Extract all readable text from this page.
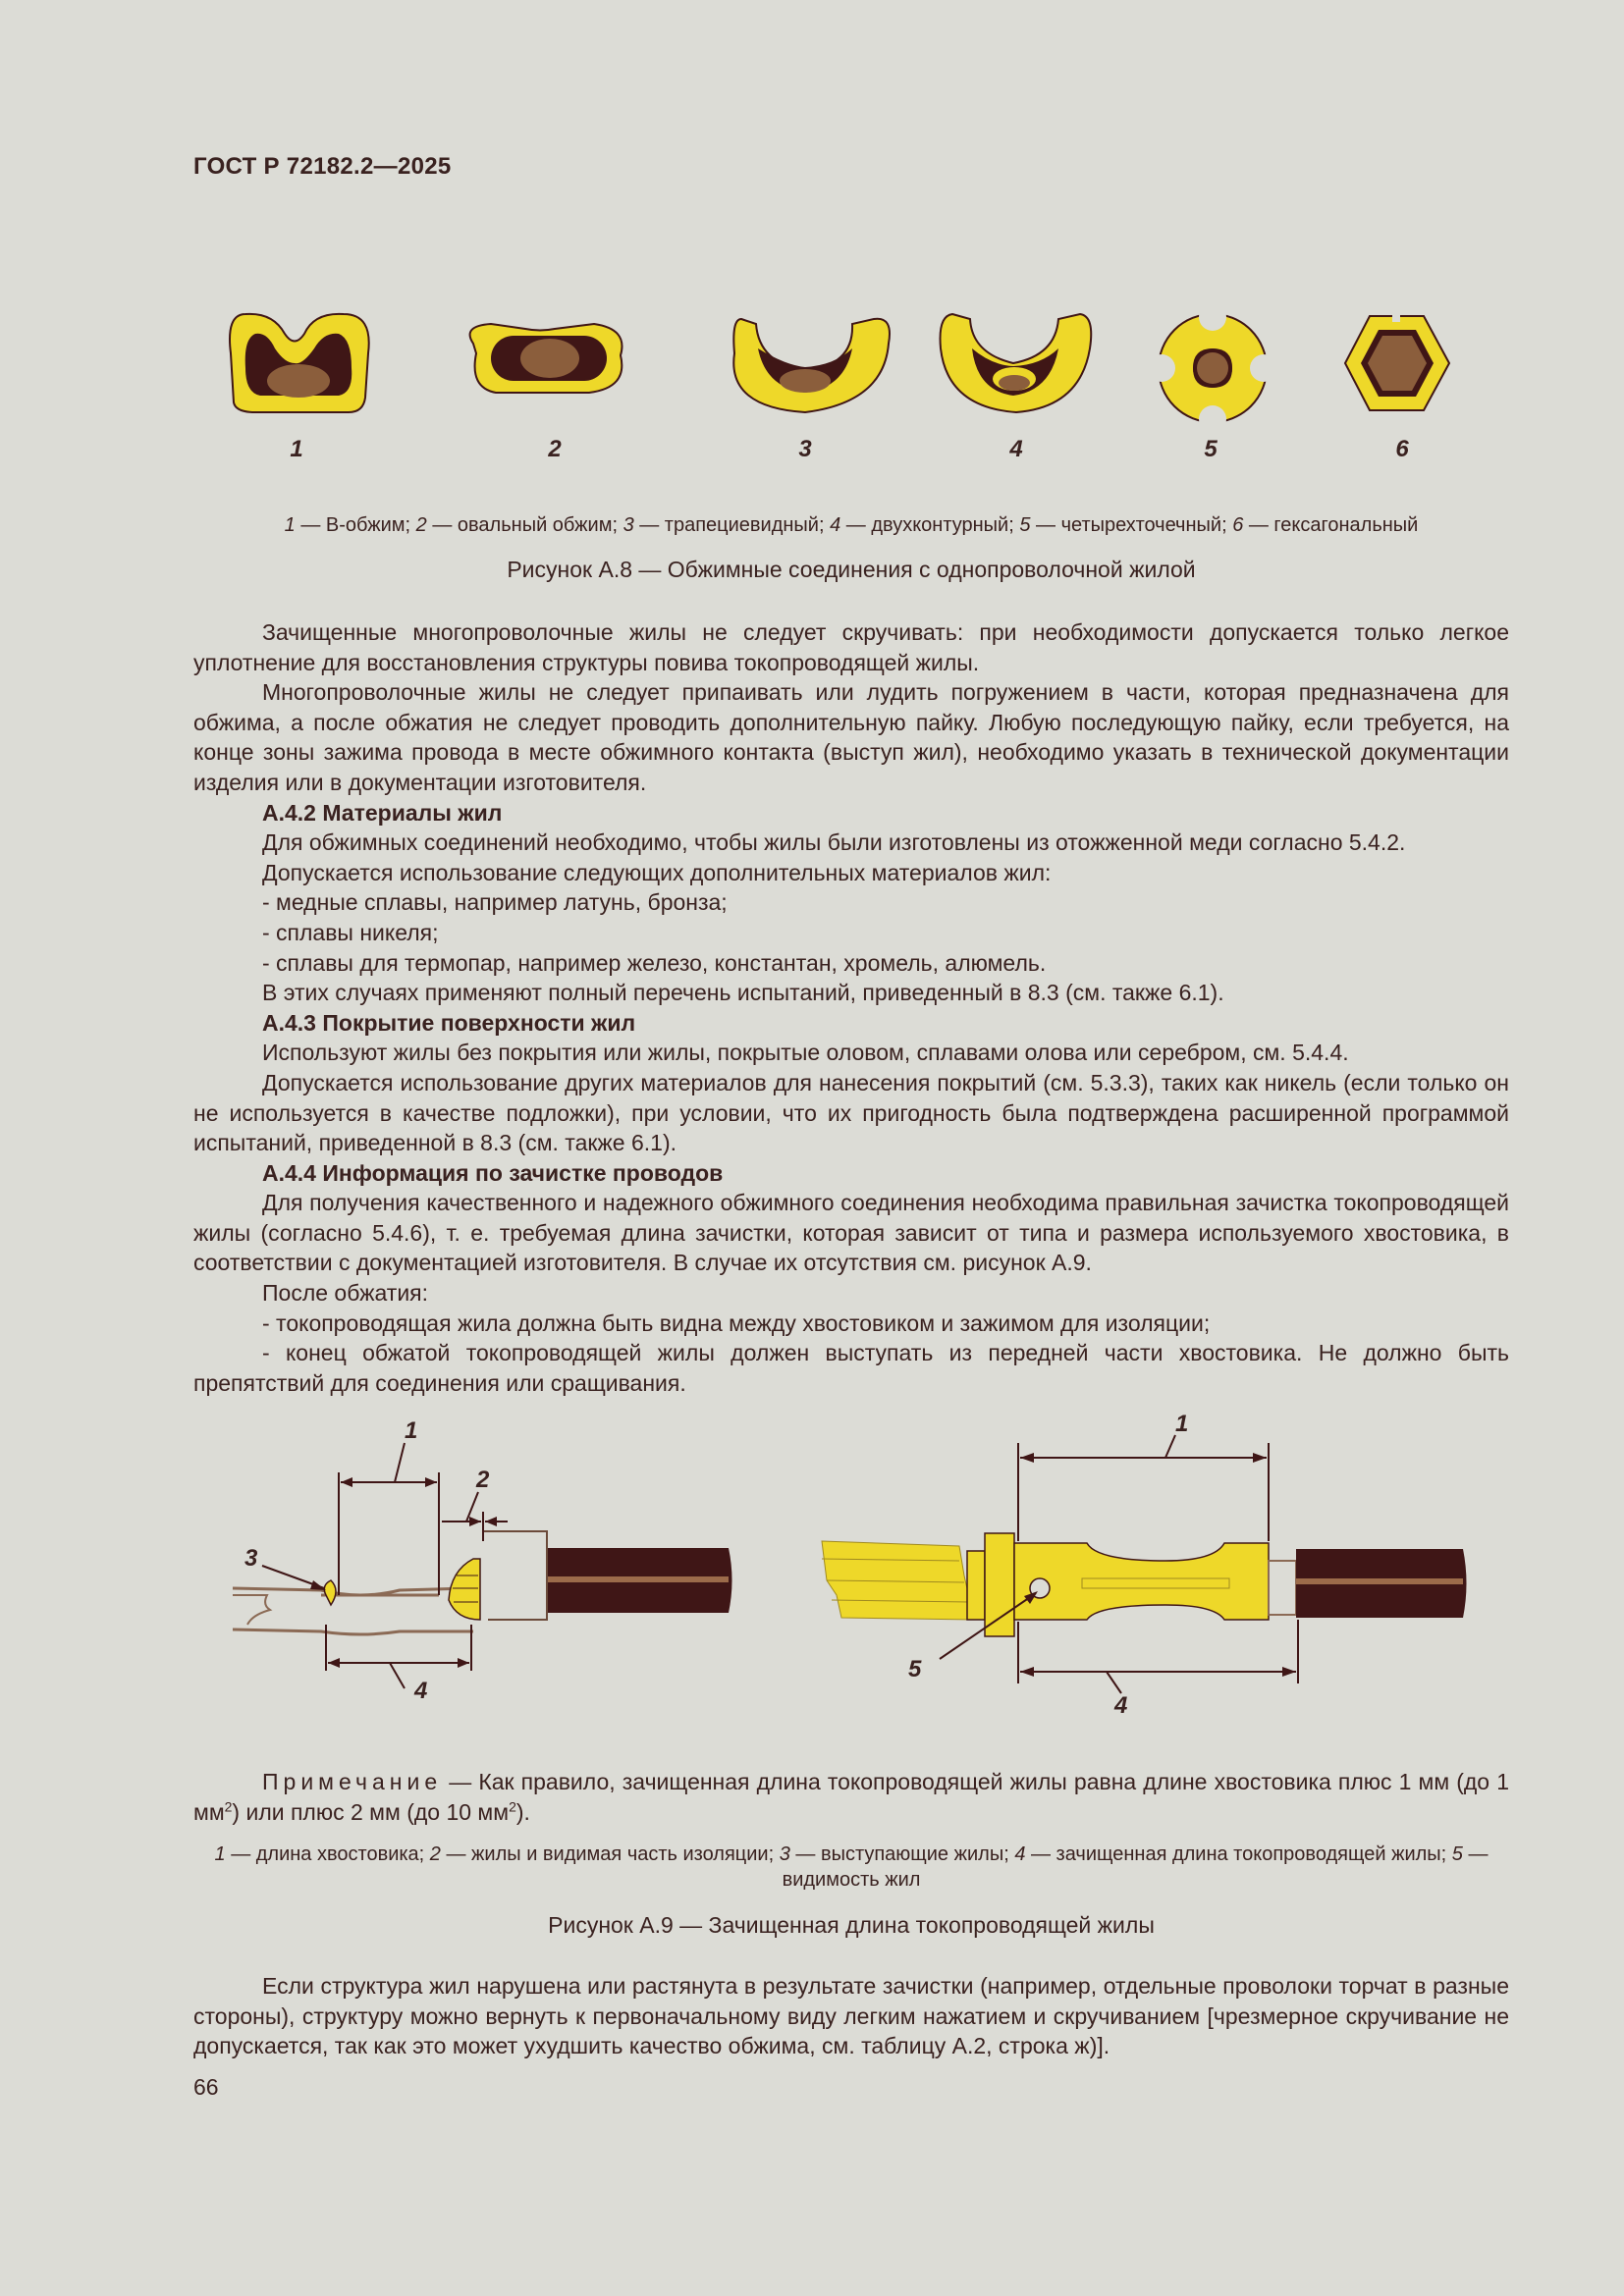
ГОСТ Р 72182.2—2025
1	2	3	4	5	6
1 — В-обжим; 2 — овальный обжим; 3 — трапециевидный; 4 — двухконтурный; 5 — четырехточечный; 6 — гексагональный
Рисунок А.8 — Обжимные соединения с однопроволочной жилой

Зачищенные многопроволочные жилы не следует скручивать: при необходимости допускается только легкое уплотнение для восстановления структуры повива токопроводящей жилы.

Многопроволочные жилы не следует припаивать или лудить погружением в части, которая предназначена для обжима, а после обжатия не следует проводить дополнительную пайку. Любую последующую пайку, если требуется, на конце зоны зажима провода в месте обжимного контакта (выступ жил), необходимо указать в технической документации изделия или в документации изготовителя.

А.4.2 Материалы жил

Для обжимных соединений необходимо, чтобы жилы были изготовлены из отожженной меди согласно 5.4.2.

Допускается использование следующих дополнительных материалов жил:

- медные сплавы, например латунь, бронза;

- сплавы никеля;

- сплавы для термопар, например железо, константан, хромель, алюмель.

В этих случаях применяют полный перечень испытаний, приведенный в 8.3 (см. также 6.1).

А.4.3 Покрытие поверхности жил

Используют жилы без покрытия или жилы, покрытые оловом, сплавами олова или серебром, см. 5.4.4.

Допускается использование других материалов для нанесения покрытий (см. 5.3.3), таких как никель (если только он не используется в качестве подложки), при условии, что их пригодность была подтверждена расширенной программой испытаний, приведенной в 8.3 (см. также 6.1).

А.4.4 Информация по зачистке проводов

Для получения качественного и надежного обжимного соединения необходима правильная зачистка токопроводящей жилы (согласно 5.4.6), т. е. требуемая длина зачистки, которая зависит от типа и размера используемого хвостовика, в соответствии с документацией изготовителя. В случае их отсутствия см. рисунок А.9.

После обжатия:

- токопроводящая жила должна быть видна между хвостовиком и зажимом для изоляции;

- конец обжатой токопроводящей жилы должен выступать из передней части хвостовика. Не должно быть препятствий для соединения или сращивания.

1
2
3
4
1
5
4
Примечание — Как правило, зачищенная длина токопроводящей жилы равна длине хвостовика плюс 1 мм (до 1 $мм^2$) или плюс 2 мм (до 10 $мм^2$).
1 — длина хвостовика; 2 — жилы и видимая часть изоляции; 3 — выступающие жилы; 4 — зачищенная длина токопроводящей жилы; 5 — видимость жил
Рисунок А.9 — Зачищенная длина токопроводящей жилы

Если структура жил нарушена или растянута в результате зачистки (например, отдельные проволоки торчат в разные стороны), структуру можно вернуть к первоначальному виду легким нажатием и скручиванием [чрезмерное скручивание не допускается, так как это может ухудшить качество обжима, см. таблицу А.2, строка ж)].

66
